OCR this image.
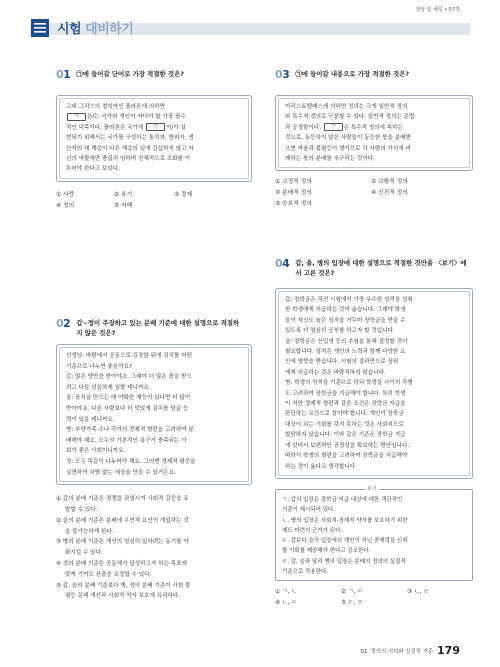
정답 및 해설 • 57쪽
시험 대비하기
01 ㉠에 들어갈 단어로 가장 적절한 것은?
고대 그리스의 철학자인 플라톤에 의하면
㉠ 은/는 국가와 개인이 지녀야 할 가장 필수
적인 덕목이다. 플라톤은 국가에 ㉠ 이/가 실
현되기 위해서는 국가를 구성하는 통치자, 방위자, 생
산자의 세 계층이 다른 계층의 일에 간섭하지 않고 자
신의 역할에만 충실히 임하며 전체적으로 조화를 이
루어야 한다고 보았다.
① 사랑	② 용기	③ 절제
④ 정의	⑤ 지혜
02 갑~정이 주장하고 있는 분배 기준에 대한 설명으로 적절하
지 않은 것은?
선생님: 바람에서 공동으로 김장한 뒤에 김치를 어떤
기준으로 나누면 좋을까요?
갑: 많은 양만큼 받아야죠. 그래야 더 많은 몫을 받으
려고 다들 성실하게 일할 테니까요.
을: 음식을 만드는 데 악화한 재능이 있다면 더 많이
받아야죠. 다른 사람보다 더 맛있게 김치를 담글 능
력이 있을 테니까요.
병: 부양가족 수나 각자의 경제적 형편을 고려하여 분
배해야 해요. 모두의 기본적인 욕구가 충족되는 사
회가 좋은 사회이니까요.
정: 모두 똑같이 나누어야 해요. 그러면 경제적 평등을
실현하여 차별 없는 세상을 만들 수 있거든요.
① 갑의 분배 기준은 경쟁을 과열시켜 사회적 갈등을 유
발할 수 있다.
② 을의 분배 기준은 분배에 우연적 요인이 개입하는 것
을 불가능하게 한다.
③ 병의 분배 기준은 개인의 열심히 일하려는 동기를 약
화시킬 수 있다.
④ 정의 분배 기준은 공동체가 달성하고자 하는 목표에
맞게 기여도 산출을 조절할 수 있다.
⑤ 갑, 을의 분배 기준보다 병, 정의 분배 기준이 사회 불
평등 문제 개선과 사회적 약자 보호에 유리하다.
03 ㉠에 들어갈 내용으로 가장 적절한 것은?
아리스토텔레스에 의하면 정의는 크게 일반적 정의
와 특수적 정의로 구분할 수 있다. 일반적 정의는 준법
과 공정함이다. ㉠ 은 특수적 정의에 속하는
것으로, 동등하지 않은 사람들이 동등한 몫을 분배받
으면 싸움과 불평등이 생기므로 각 사람의 가치에 비
례하는 몫의 분배를 추구하는 것이다.
① 교정적 정의	② 교환적 정의
③ 분배적 정의	④ 신진적 정의
⑤ 응보적 정의
04 갑, 을, 병의 입장에 대한 설명으로 적절한 것만을 〈보기〉에
서 고른 것은?
갑: 장학금은 직전 시험에서 가장 우수한 성적을 성취
한 학생에게 지급하는 것이 옳습니다. 그래야 학생
들이 자신도 높은 성적을 거두어 장학금을 받을 수
있도록 더 열심히 공부를 하고자 할 것입니다.
을: 장학금은 신입생 등의 추첨을 통해 결정할 것이
필요합니다. 성적은 개인의 노력과 함께 다양한 요
인에 영향을 받습니다. 시험의 결과만으로 상위
에게 지급하는 것은 바람직하지 않습니다.
병: 학생의 성적을 기준으로 하되 학생들 사이의 차별
도 고려하여 장학금을 지급해야 합니다. 특히 학생
이 처한 경제적 형편과 같은 조건은 장학금 지급을
판단하는 요건으로 삼아야 합니다. 개인이 장학금
대상이 되는 기회를 갖지 못하는 것은 사회적으로
합당하지 않습니다. 이와 같은 기준은 장학금 지급
에 있어서 보편적인 공정성을 확보하는 방안입니다.
따라서 학생의 형편을 고려하여 장학금을 지급해야
하는 것이 옳다고 생각합니다.
보기
ㄱ. 갑의 입장은 장학금 지급 대상에 대한 객관적인
기준이 제시되어 있다.
ㄴ. 병의 입장은 사회적·경제적 약자를 보호하기 위한
제도 마련의 근거가 된다.
ㄷ. 갑보다 을의 입장에서 개인이 지닌 잠재력을 신뢰
할 기회를 제공해야 한다고 강조한다.
ㄹ. 갑, 을과 달리 병의 입장은 분배의 정의의 실질적
기준으로 작용한다.
① ㄱ, ㄴ	② ㄱ, ㄷ	③ ㄴ, ㄹ
④ ㄴ, ㄷ	⑤ ㄷ, ㄹ
01. 정의의 의미와 실질적 기준 179
